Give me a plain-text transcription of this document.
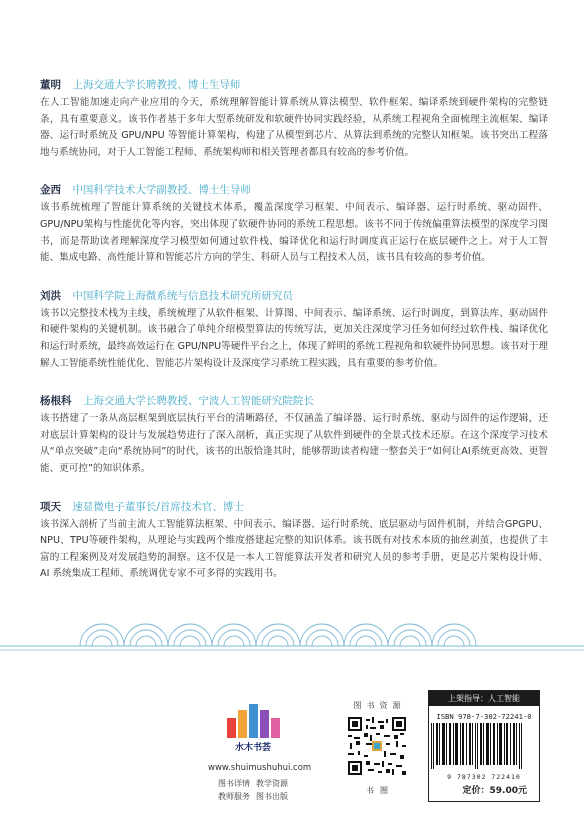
董明 上海交通大学长聘教授、博士生导师
在人工智能加速走向产业应用的今天，系统理解智能计算系统从算法模型、软件框架、编译系统到硬件架构的完整链条，具有重要意义。该书作者基于多年大型系统研发和软硬件协同实践经验，从系统工程视角全面梳理主流框架、编译器、运行时系统及 GPU/NPU 等智能计算架构，构建了从模型到芯片、从算法到系统的完整认知框架。该书突出工程落地与系统协同，对于人工智能工程师、系统架构师和相关管理者都具有较高的参考价值。
金西 中国科学技术大学副教授、博士生导师
该书系统梳理了智能计算系统的关键技术体系，覆盖深度学习框架、中间表示、编译器、运行时系统、驱动固件、GPU/NPU架构与性能优化等内容，突出体现了软硬件协同的系统工程思想。该书不同于传统偏重算法模型的深度学习图书，而是帮助读者理解深度学习模型如何通过软件栈、编译优化和运行时调度真正运行在底层硬件之上。对于人工智能、集成电路、高性能计算和智能芯片方向的学生、科研人员与工程技术人员，该书具有较高的参考价值。
刘洪 中国科学院上海微系统与信息技术研究所研究员
该书以完整技术栈为主线，系统梳理了从软件框架、计算图、中间表示、编译系统、运行时调度，到算法库、驱动固件和硬件架构的关键机制。该书融合了单纯介绍模型算法的传统写法，更加关注深度学习任务如何经过软件栈、编译优化和运行时系统，最终高效运行在 GPU/NPU等硬件平台之上，体现了鲜明的系统工程视角和软硬件协同思想。该书对于理解人工智能系统性能优化、智能芯片架构设计及深度学习系统工程实践，具有重要的参考价值。
杨根科 上海交通大学长聘教授、宁波人工智能研究院院长
该书搭建了一条从高层框架到底层执行平台的清晰路径，不仅涵盖了编译器、运行时系统、驱动与固件的运作逻辑，还对底层计算架构的设计与发展趋势进行了深入剖析，真正实现了从软件到硬件的全景式技术还原。在这个深度学习技术从“单点突破”走向“系统协同”的时代，该书的出版恰逢其时，能够帮助读者构建一整套关于“如何让AI系统更高效、更智能、更可控”的知识体系。
项天 速显微电子董事长/首席技术官、博士
该书深入剖析了当前主流人工智能算法框架、中间表示、编译器、运行时系统、底层驱动与固件机制，并结合GPGPU、NPU、TPU等硬件架构，从理论与实践两个维度搭建起完整的知识体系。该书既有对技术本质的抽丝剥茧，也提供了丰富的工程案例及对发展趋势的洞察。这不仅是一本人工智能算法开发者和研究人员的参考手册，更是芯片架构设计师、AI 系统集成工程师、系统调优专家不可多得的实践用书。
水木书荟
www.shuimushuhui.com
图书详情 教学资源
教师服务 图书出版
图书资源
书圈
上架指导：人工智能
ISBN 978-7-302-72241-0
9 787302 722410
定价：59.00元
